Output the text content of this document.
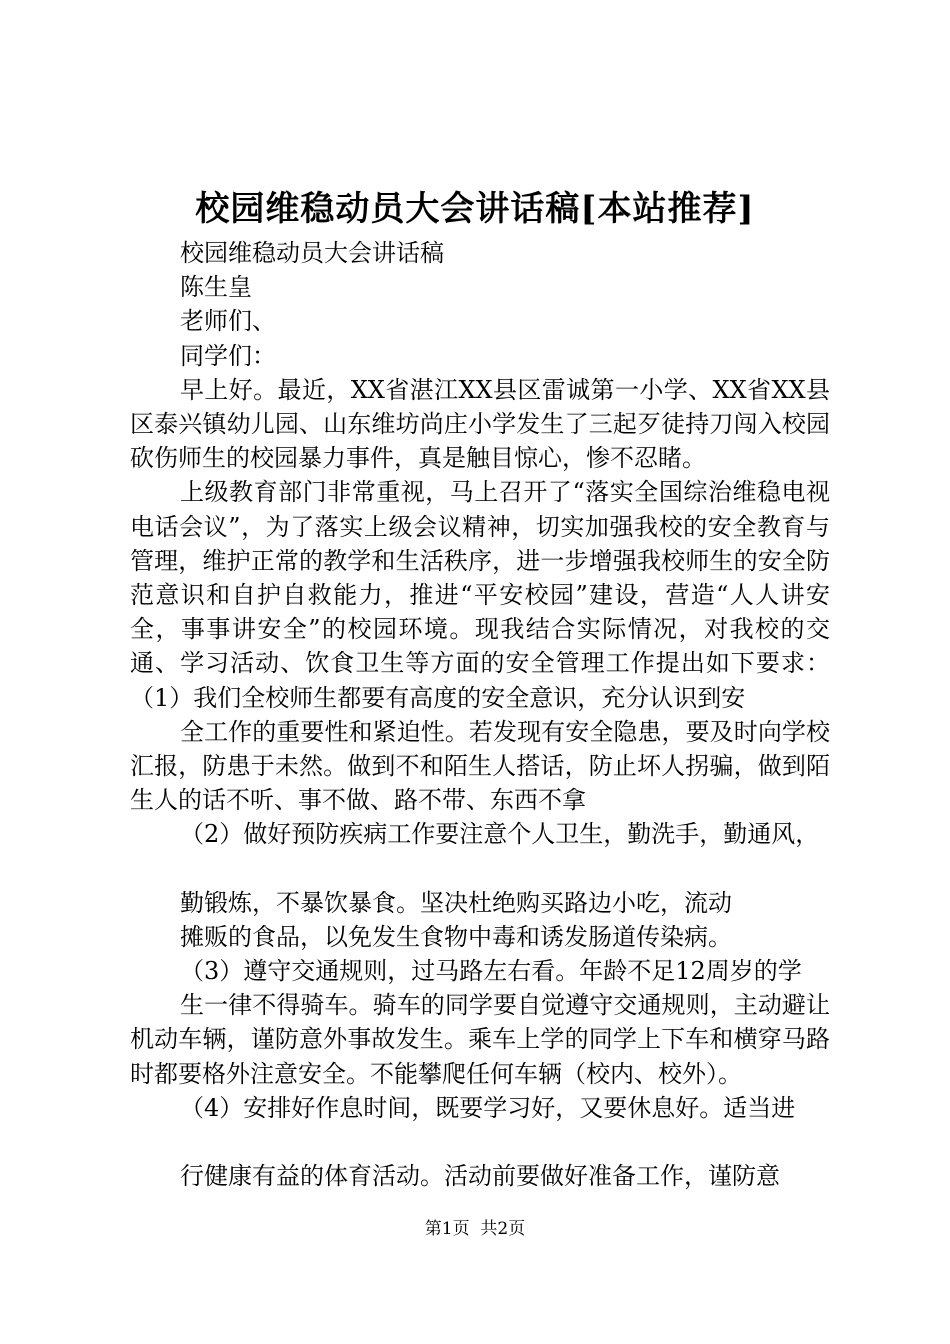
校园维稳动员大会讲话稿[本站推荐]

校园维稳动员大会讲话稿

陈生皇

老师们、

同学们：

早上好。最近，XX省湛江XX县区雷诚第一小学、XX省XX县区泰兴镇幼儿园、山东维坊尚庄小学发生了三起歹徒持刀闯入校园砍伤师生的校园暴力事件，真是触目惊心，惨不忍睹。

上级教育部门非常重视，马上召开了“落实全国综治维稳电视电话会议”，为了落实上级会议精神，切实加强我校的安全教育与管理，维护正常的教学和生活秩序，进一步增强我校师生的安全防范意识和自护自救能力，推进“平安校园”建设，营造“人人讲安全，事事讲安全”的校园环境。现我结合实际情况，对我校的交通、学习活动、饮食卫生等方面的安全管理工作提出如下要求：（1）我们全校师生都要有高度的安全意识，充分认识到安

全工作的重要性和紧迫性。若发现有安全隐患，要及时向学校汇报，防患于未然。做到不和陌生人搭话，防止坏人拐骗，做到陌生人的话不听、事不做、路不带、东西不拿

（2）做好预防疾病工作要注意个人卫生，勤洗手，勤通风，

勤锻炼，不暴饮暴食。坚决杜绝购买路边小吃，流动

摊贩的食品，以免发生食物中毒和诱发肠道传染病。

（3）遵守交通规则，过马路左右看。年龄不足12周岁的学

生一律不得骑车。骑车的同学要自觉遵守交通规则，主动避让机动车辆，谨防意外事故发生。乘车上学的同学上下车和横穿马路时都要格外注意安全。不能攀爬任何车辆（校内、校外）。

（4）安排好作息时间，既要学习好，又要休息好。适当进

行健康有益的体育活动。活动前要做好准备工作，谨防意

第1页  共2页
